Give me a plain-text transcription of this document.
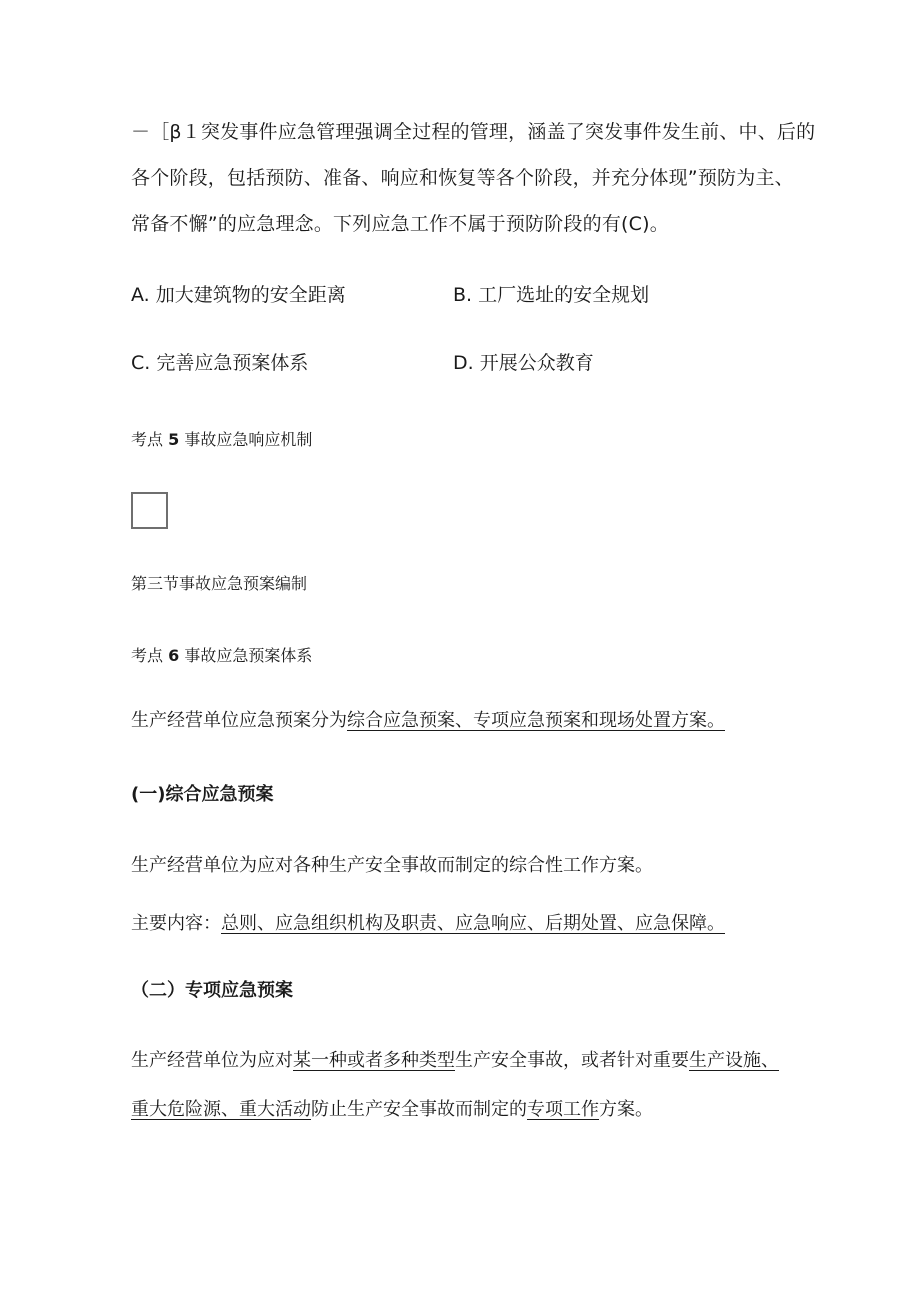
－［β１突发事件应急管理强调全过程的管理，涵盖了突发事件发生前、中、后的
各个阶段，包括预防、准备、响应和恢复等各个阶段，并充分体现”预防为主、
常备不懈”的应急理念。下列应急工作不属于预防阶段的有(C)。
A. 加大建筑物的安全距离	B. 工厂选址的安全规划
C. 完善应急预案体系	D. 开展公众教育
考点 5 事故应急响应机制
第三节事故应急预案编制
考点 6 事故应急预案体系
生产经营单位应急预案分为综合应急预案、专项应急预案和现场处置方案。
(一)综合应急预案
生产经营单位为应对各种生产安全事故而制定的综合性工作方案。
主要内容：总则、应急组织机构及职责、应急响应、后期处置、应急保障。
（二）专项应急预案
生产经营单位为应对某一种或者多种类型生产安全事故，或者针对重要生产设施、
重大危险源、重大活动防止生产安全事故而制定的专项工作方案。
